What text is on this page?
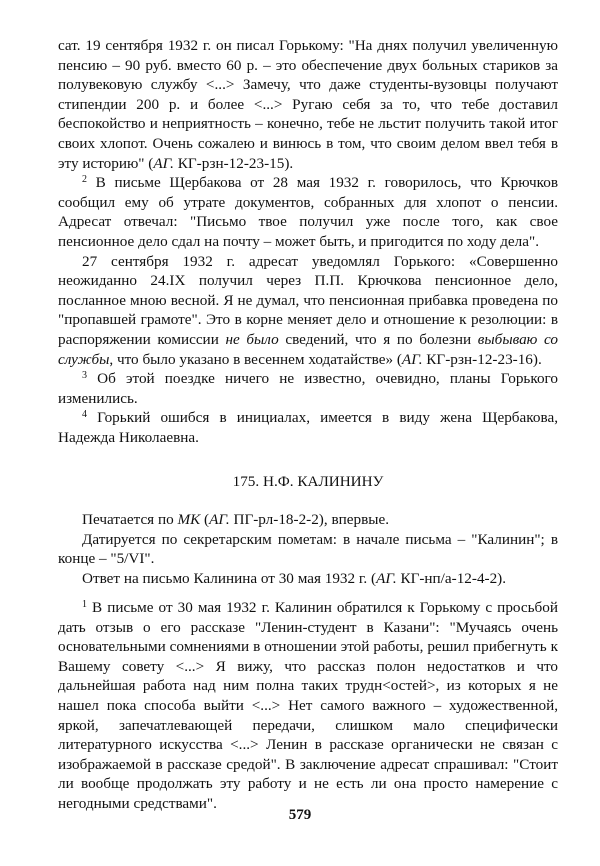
сат. 19 сентября 1932 г. он писал Горькому: "На днях получил увеличенную пенсию – 90 руб. вместо 60 р. – это обеспечение двух больных стариков за полувековую службу <...> Замечу, что даже студенты-вузовцы получают стипендии 200 р. и более <...> Ругаю себя за то, что тебе доставил беспокойство и неприятность – конечно, тебе не льстит получить такой итог своих хлопот. Очень сожалею и винюсь в том, что своим делом ввел тебя в эту историю" (АГ. КГ-рзн-12-23-15).

$^2$ В письме Щербакова от 28 мая 1932 г. говорилось, что Крючков сообщил ему об утрате документов, собранных для хлопот о пенсии. Адресат отвечал: "Письмо твое получил уже после того, как свое пенсионное дело сдал на почту – может быть, и пригодится по ходу дела".

27 сентября 1932 г. адресат уведомлял Горького: «Совершенно неожиданно 24.IX получил через П.П. Крючкова пенсионное дело, посланное мною весной. Я не думал, что пенсионная прибавка проведена по "пропавшей грамоте". Это в корне меняет дело и отношение к резолюции: в распоряжении комиссии не было сведений, что я по болезни выбываю со службы, что было указано в весеннем ходатайстве» (АГ. КГ-рзн-12-23-16).

$^3$ Об этой поездке ничего не известно, очевидно, планы Горького изменились.

$^4$ Горький ошибся в инициалах, имеется в виду жена Щербакова, Надежда Николаевна.

175. Н.Ф. КАЛИНИНУ

Печатается по МК (АГ. ПГ-рл-18-2-2), впервые.

Датируется по секретарским пометам: в начале письма – "Калинин"; в конце – "5/VI".

Ответ на письмо Калинина от 30 мая 1932 г. (АГ. КГ-нп/а-12-4-2).

$^1$ В письме от 30 мая 1932 г. Калинин обратился к Горькому с просьбой дать отзыв о его рассказе "Ленин-студент в Казани": "Мучаясь очень основательными сомнениями в отношении этой работы, решил прибегнуть к Вашему совету <...> Я вижу, что рассказ полон недостатков и что дальнейшая работа над ним полна таких трудн<остей>, из которых я не нашел пока способа выйти <...> Нет самого важного – художественной, яркой, запечатлевающей передачи, слишком мало специфически литературного искусства <...> Ленин в рассказе органически не связан с изображаемой в рассказе средой". В заключение адресат спрашивал: "Стоит ли вообще продолжать эту работу и не есть ли она просто намерение с негодными средствами".

579
